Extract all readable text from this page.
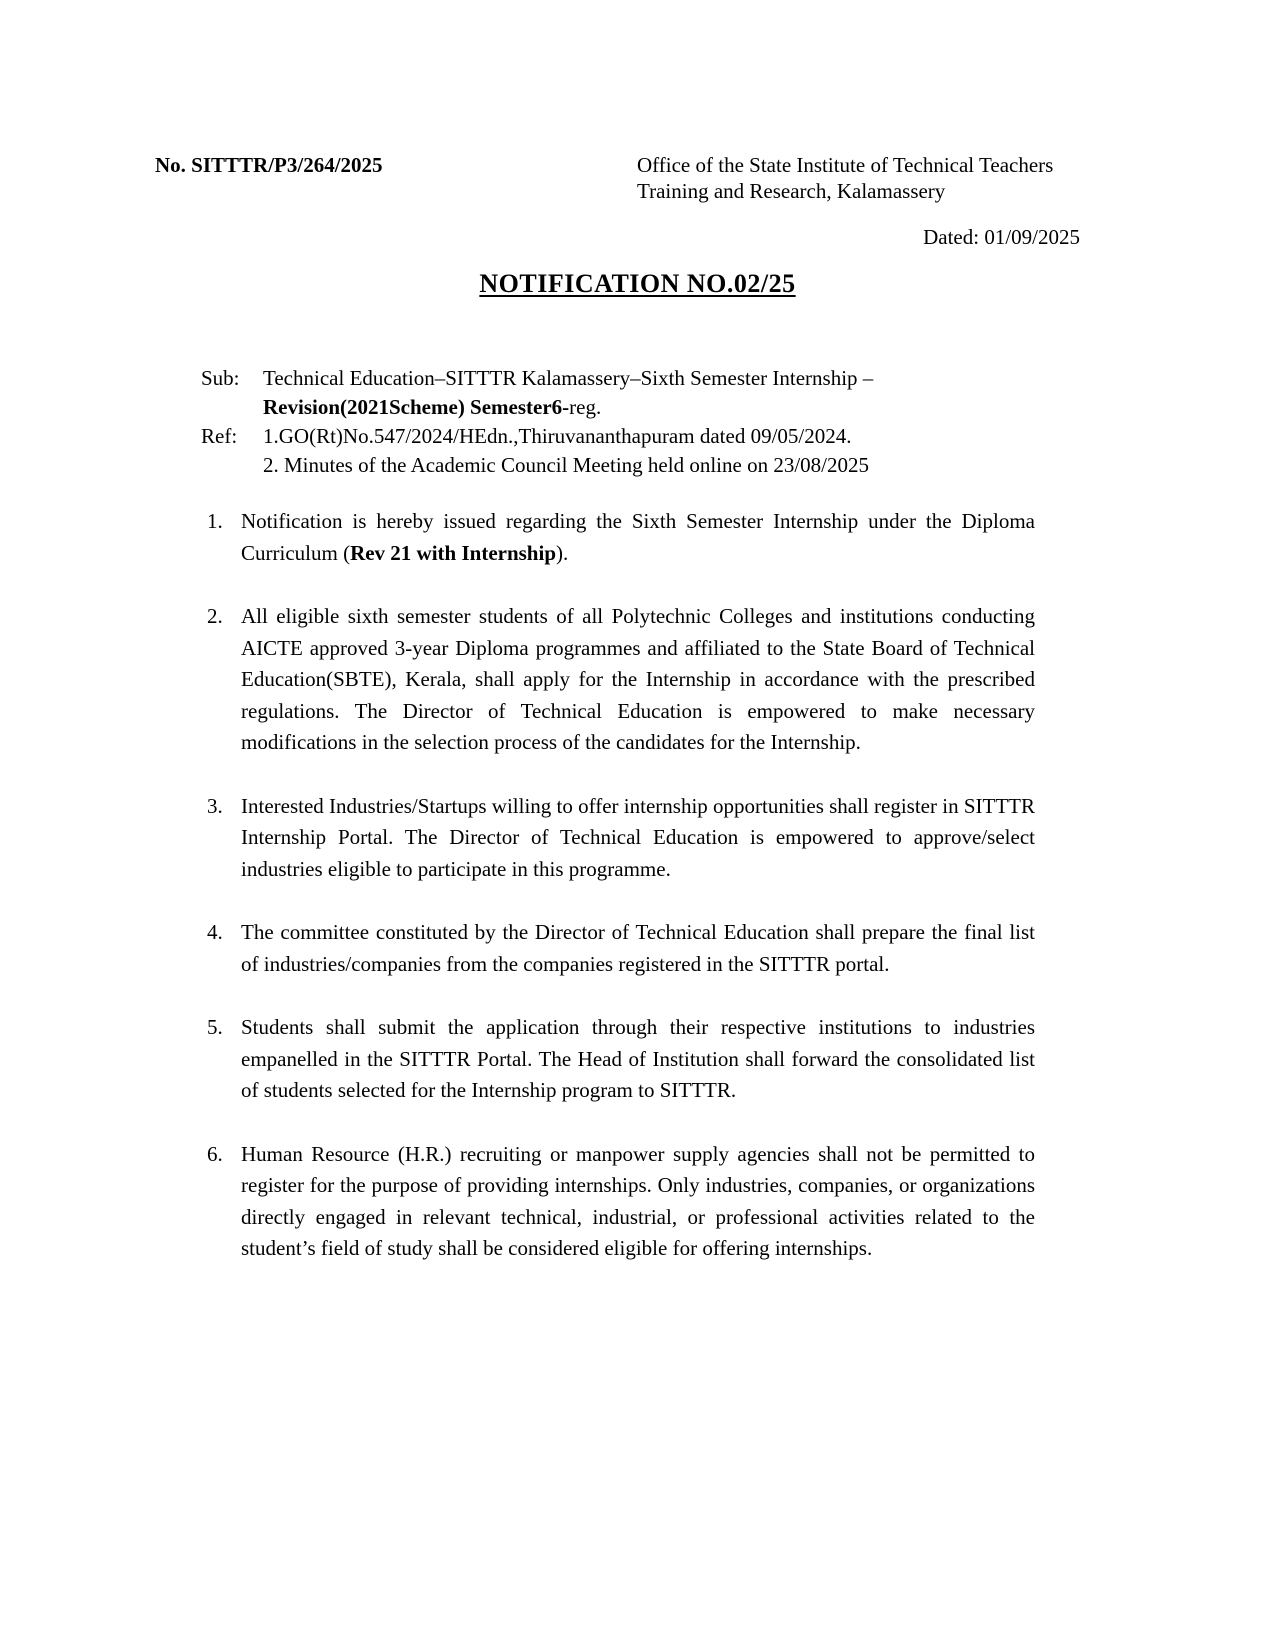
No. SITTTR/P3/264/2025	Office of the State Institute of Technical Teachers
Training and Research, Kalamassery
Dated: 01/09/2025
NOTIFICATION NO.02/25
Sub:	Technical Education–SITTTR Kalamassery–Sixth Semester Internship –
Revision(2021Scheme) Semester6-reg.
Ref:	1.GO(Rt)No.547/2024/HEdn.,Thiruvananthapuram dated 09/05/2024.
2. Minutes of the Academic Council Meeting held online on 23/08/2025
1. Notification is hereby issued regarding the Sixth Semester Internship under the Diploma Curriculum (Rev 21 with Internship).
2. All eligible sixth semester students of all Polytechnic Colleges and institutions conducting AICTE approved 3-year Diploma programmes and affiliated to the State Board of Technical Education(SBTE), Kerala, shall apply for the Internship in accordance with the prescribed regulations. The Director of Technical Education is empowered to make necessary modifications in the selection process of the candidates for the Internship.
3. Interested Industries/Startups willing to offer internship opportunities shall register in SITTTR Internship Portal. The Director of Technical Education is empowered to approve/select industries eligible to participate in this programme.
4. The committee constituted by the Director of Technical Education shall prepare the final list of industries/companies from the companies registered in the SITTTR portal.
5. Students shall submit the application through their respective institutions to industries empanelled in the SITTTR Portal. The Head of Institution shall forward the consolidated list of students selected for the Internship program to SITTTR.
6. Human Resource (H.R.) recruiting or manpower supply agencies shall not be permitted to register for the purpose of providing internships. Only industries, companies, or organizations directly engaged in relevant technical, industrial, or professional activities related to the student’s field of study shall be considered eligible for offering internships.
